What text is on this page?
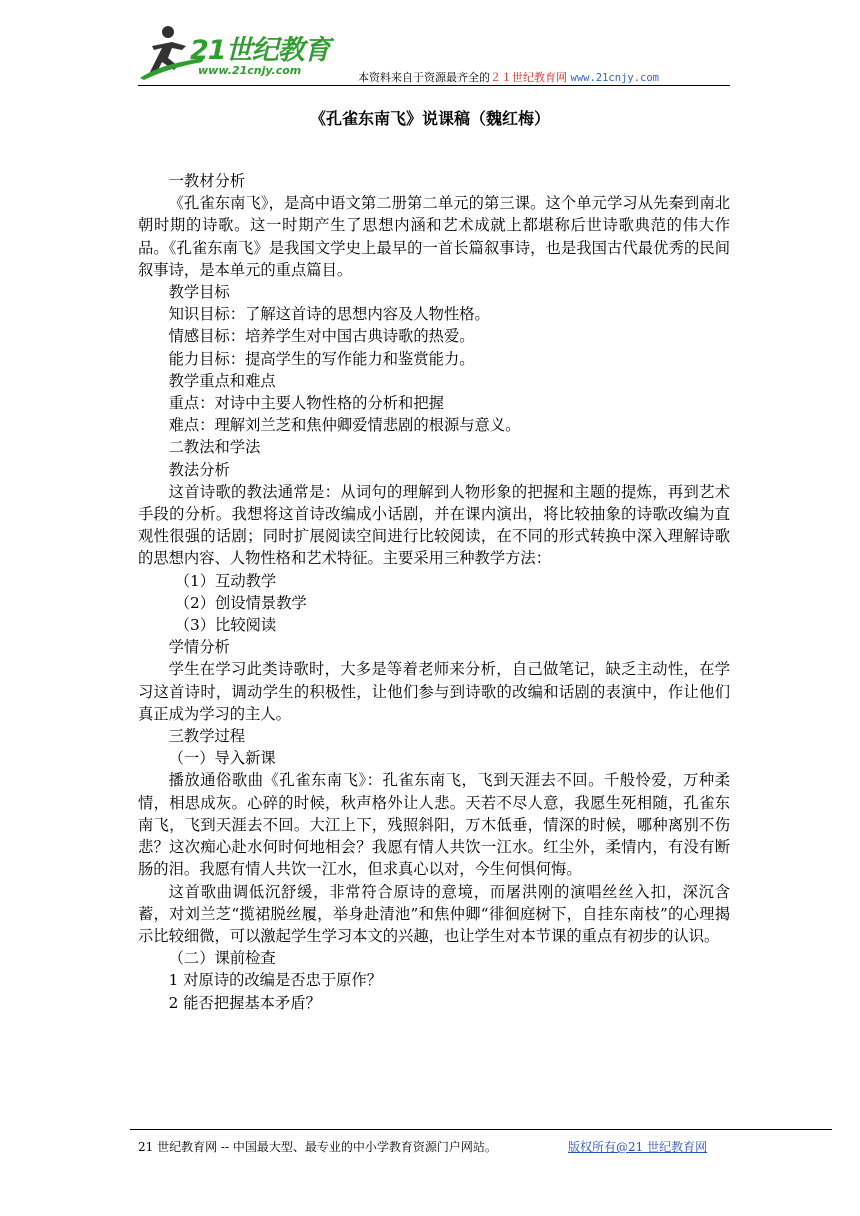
21世纪教育
www.21cnjy.com
本资料来自于资源最齐全的２１世纪教育网 www.21cnjy.com
《孔雀东南飞》说课稿（魏红梅）

一教材分析

《孔雀东南飞》，是高中语文第二册第二单元的第三课。这个单元学习从先秦到南北朝时期的诗歌。这一时期产生了思想内涵和艺术成就上都堪称后世诗歌典范的伟大作品。《孔雀东南飞》是我国文学史上最早的一首长篇叙事诗，也是我国古代最优秀的民间叙事诗，是本单元的重点篇目。

教学目标

知识目标：了解这首诗的思想内容及人物性格。

情感目标：培养学生对中国古典诗歌的热爱。

能力目标：提高学生的写作能力和鉴赏能力。

教学重点和难点

重点：对诗中主要人物性格的分析和把握

难点：理解刘兰芝和焦仲卿爱情悲剧的根源与意义。

二教法和学法

教法分析

这首诗歌的教法通常是：从词句的理解到人物形象的把握和主题的提炼，再到艺术手段的分析。我想将这首诗改编成小话剧，并在课内演出，将比较抽象的诗歌改编为直观性很强的话剧；同时扩展阅读空间进行比较阅读，在不同的形式转换中深入理解诗歌的思想内容、人物性格和艺术特征。主要采用三种教学方法：

（1）互动教学

（2）创设情景教学

（3）比较阅读

学情分析

学生在学习此类诗歌时，大多是等着老师来分析，自己做笔记，缺乏主动性，在学习这首诗时，调动学生的积极性，让他们参与到诗歌的改编和话剧的表演中，作让他们真正成为学习的主人。

三教学过程

（一）导入新课

播放通俗歌曲《孔雀东南飞》：孔雀东南飞，飞到天涯去不回。千般怜爱，万种柔情，相思成灰。心碎的时候，秋声格外让人悲。天若不尽人意，我愿生死相随，孔雀东南飞，飞到天涯去不回。大江上下，残照斜阳，万木低垂，情深的时候，哪种离别不伤悲？这次痴心赴水何时何地相会？我愿有情人共饮一江水。红尘外，柔情内，有没有断肠的泪。我愿有情人共饮一江水，但求真心以对，今生何惧何悔。

这首歌曲调低沉舒缓，非常符合原诗的意境，而屠洪刚的演唱丝丝入扣，深沉含蓄，对刘兰芝“揽裙脱丝履，举身赴清池”和焦仲卿“徘徊庭树下，自挂东南枝”的心理揭示比较细微，可以激起学生学习本文的兴趣，也让学生对本节课的重点有初步的认识。

（二）课前检查

1 对原诗的改编是否忠于原作？

2 能否把握基本矛盾？

21 世纪教育网 -- 中国最大型、最专业的中小学教育资源门户网站。	版权所有@21 世纪教育网
